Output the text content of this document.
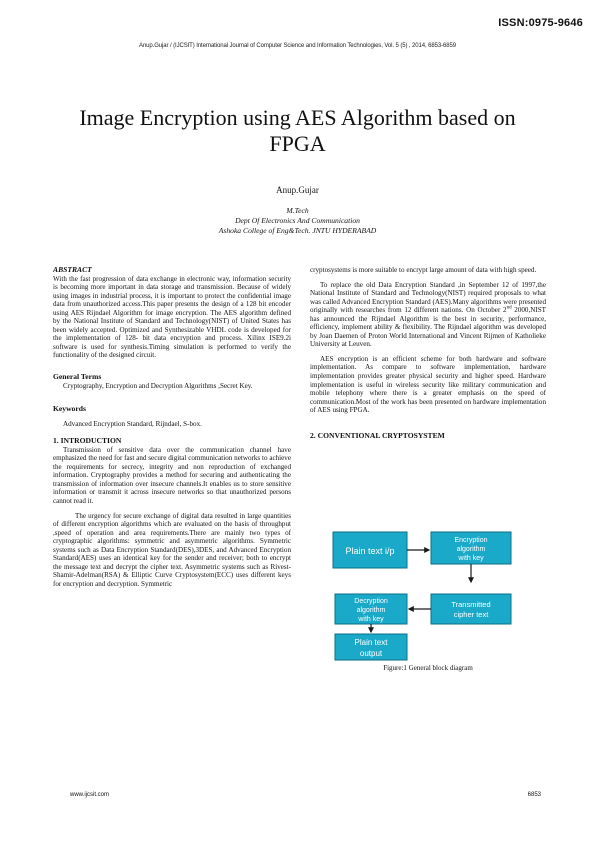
ISSN:0975-9646
Anup.Gujar / (IJCSIT) International Journal of Computer Science and Information Technologies, Vol. 5 (5) , 2014, 6853-6859
Image Encryption using AES Algorithm based on FPGA
Anup.Gujar
M.Tech
Dept Of Electronics And Communication
Ashoka College of Eng&Tech. JNTU HYDERABAD
ABSTRACT

With the fast progression of data exchange in electronic way, information security is becoming more important in data storage and transmission. Because of widely using images in industrial process, it is important to protect the confidential image data from unauthorized access.This paper presents the design of a 128 bit encoder using AES Rijndael Algorithm for image encryption. The AES algorithm defined by the National Institute of Standard and Technology(NIST) of United States has been widely accepted. Optimized and Synthesizable VHDL code is developed for the implementation of 128- bit data encryption and process. Xilinx ISE9.2i software is used for synthesis.Timing simulation is performed to verify the functionality of the designed circuit.

General Terms

Cryptography, Encryption and Decryption Algorithms ,Secret Key.

Keywords

Advanced Encryption Standard, Rijndael, S-box.

1. INTRODUCTION

Transmission of sensitive data over the communication channel have emphasized the need for fast and secure digital communication networks to achieve the requirements for secrecy, integrity and non reproduction of exchanged information. Cryptography provides a method for securing and authenticating the transmission of information over insecure channels.It enables us to store sensitive information or transmit it across insecure networks so that unauthorized persons cannot read it.

The urgency for secure exchange of digital data resulted in large quantities of different encryption algorithms which are evaluated on the basis of throughput ,speed of operation and area requirements.There are mainly two types of cryptographic algorithms: symmetric and asymmetric algorithms. Symmetric systems such as Data Encryption Standard(DES),3DES, and Advanced Encryption Standard(AES) uses an identical key for the sender and receiver; both to encrypt the message text and decrypt the cipher text. Asymmetric systems such as Rivest-Shamir-Adelman(RSA) & Elliptic Curve Cryptosystem(ECC) uses different keys for encryption and decryption. Symmetric

cryptosystems is more suitable to encrypt large amount of data with high speed.

To replace the old Data Encryption Standard ,in September 12 of 1997,the National Institute of Standard and Technology(NIST) required proposals to what was called Advanced Encryption Standard (AES).Many algorithms were presented originally with researches from 12 different nations. On October 2nd 2000,NIST has announced the Rijndael Algorithm is the best in security, performance, efficiency, implement ability & flexibility. The Rijndael algorithm was developed by Joan Daemen of Proton World International and Vincent Rijmen of Katholieke University at Leuven.

AES encryption is an efficient scheme for both hardware and software implementation. As compare to software implementation, hardware implementation provides greater physical security and higher speed. Hardware implementation is useful in wireless security like military communication and mobile telephony where there is a greater emphasis on the speed of communication.Most of the work has been presented on hardware implementation of AES using FPGA.

2. CONVENTIONAL CRYPTOSYSTEM
Plain text i/p
Encryption
algorithm
with key
Transmitted
cipher text
Decryption
algorithm
with key
Plain text
output
Figure:1 General block diagram
www.ijcsit.com	6853
